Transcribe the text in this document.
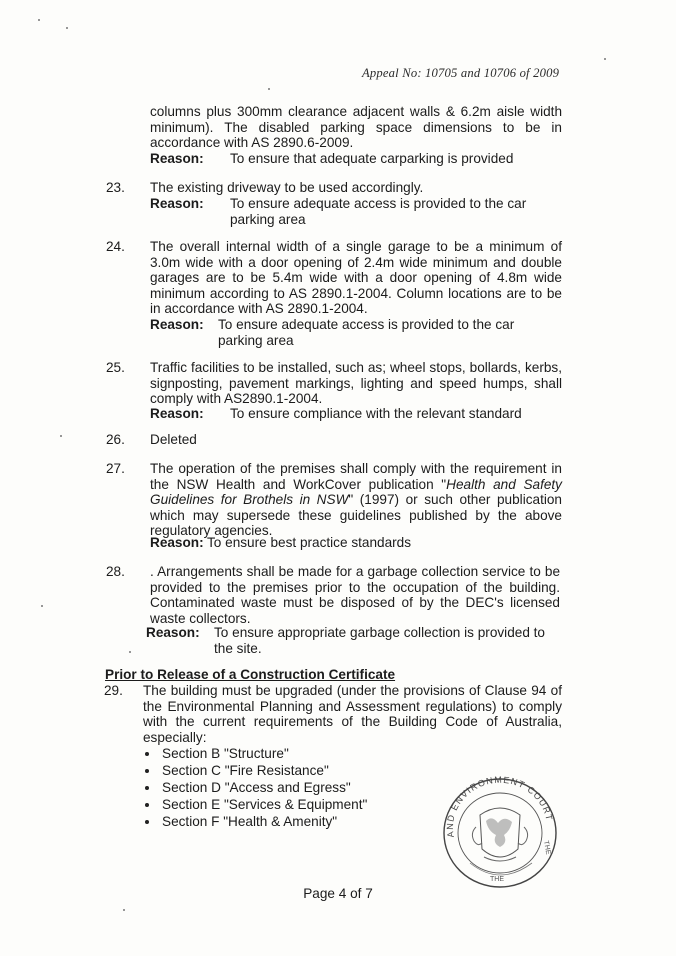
Appeal No: 10705 and 10706 of 2009

columns plus 300mm clearance adjacent walls & 6.2m aisle width minimum). The disabled parking space dimensions to be in accordance with AS 2890.6-2009.

Reason: To ensure that adequate carparking is provided
23. The existing driveway to be used accordingly.

Reason: To ensure adequate access is provided to the car parking area
24. The overall internal width of a single garage to be a minimum of 3.0m wide with a door opening of 2.4m wide minimum and double garages are to be 5.4m wide with a door opening of 4.8m wide minimum according to AS 2890.1-2004. Column locations are to be in accordance with AS 2890.1-2004.

Reason: To ensure adequate access is provided to the car parking area
25. Traffic facilities to be installed, such as; wheel stops, bollards, kerbs, signposting, pavement markings, lighting and speed humps, shall comply with AS2890.1-2004.

Reason: To ensure compliance with the relevant standard
26. Deleted

27. The operation of the premises shall comply with the requirement in the NSW Health and WorkCover publication "Health and Safety Guidelines for Brothels in NSW" (1997) or such other publication which may supersede these guidelines published by the above regulatory agencies.

Reason: To ensure best practice standards
28. . Arrangements shall be made for a garbage collection service to be provided to the premises prior to the occupation of the building. Contaminated waste must be disposed of by the DEC's licensed waste collectors.

Reason: To ensure appropriate garbage collection is provided to the site.
Prior to Release of a Construction Certificate
29. The building must be upgraded (under the provisions of Clause 94 of the Environmental Planning and Assessment regulations) to comply with the current requirements of the Building Code of Australia, especially:

Section B "Structure"
Section C "Fire Resistance"
Section D "Access and Egress"
Section E "Services & Equipment"
Section F "Health & Amenity"
AND ENVIRONMENT COURT
THE
THE
Page 4 of 7
